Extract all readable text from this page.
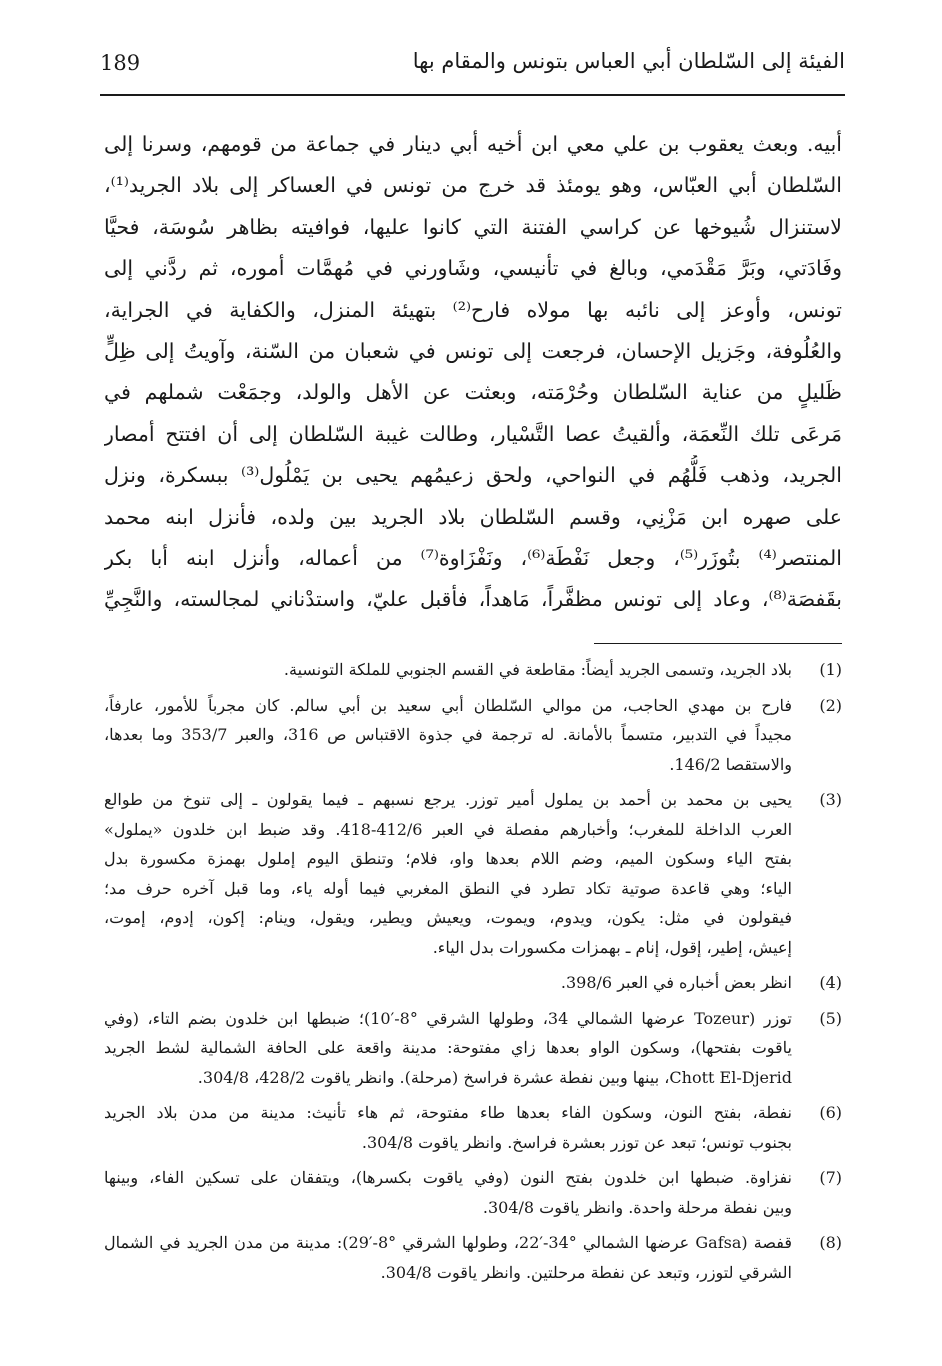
الفيئة إلى السّلطان أبي العباس بتونس والمقام بها
189
أبيه. وبعث يعقوب بن علي معي ابن أخيه أبي دينار في جماعة من قومهم، وسرنا إلى
السّلطان أبي العبّاس، وهو يومئذ قد خرج من تونس في العساكر إلى بلاد الجريد⁽¹⁾،
لاستنزال شُيوخها عن كراسي الفتنة التي كانوا عليها، فوافيته بظاهر سُوسَة، فحيَّا
وفَادَتي، وبَرَّ مَقْدَمي، وبالغ في تأنيسي، وشَاورني في مُهمَّات أموره، ثم ردَّني إلى
تونس، وأوعز إلى نائبه بها مولاه فارح⁽²⁾ بتهيئة المنزل، والكفاية في الجراية،
والعُلُوفة، وجَزيل الإحسان، فرجعت إلى تونس في شعبان من السّنة، وآويتُ إلى ظِلٍّ
ظَليلٍ من عناية السّلطان وحُرْمَته، وبعثت عن الأهل والولد، وجمَعْت شملهم في
مَرعَى تلك النِّعمَة، وألقيتُ عصا التَّسْيار، وطالت غيبة السّلطان إلى أن افتتح أمصار
الجريد، وذهب فَلُّهُم في النواحي، ولحق زعيمُهم يحيى بن يَمْلُول⁽³⁾ ببسكرة، ونزل
على صهره ابن مَزْنِي، وقسم السّلطان بلاد الجريد بين ولده، فأنزل ابنه محمد
المنتصر⁽⁴⁾ بتُوزَر⁽⁵⁾، وجعل نَفْطَة⁽⁶⁾، ونَفْزَاوة⁽⁷⁾ من أعماله، وأنزل ابنه أبا بكر
بقَفصَة⁽⁸⁾، وعاد إلى تونس مظفَّراً، مَاهداً، فأقبل عليّ، واستدْناني لمجالسته، والنَّجِيِّ
(1)
بلاد الجريد، وتسمى الجريد أيضاً: مقاطعة في القسم الجنوبي للملكة التونسية.
(2)
فارح بن مهدي الحاجب، من موالي السّلطان أبي سعيد بن أبي سالم. كان مجرباً للأمور، عارفاً،
مجيداً في التدبير، متسماً بالأمانة. له ترجمة في جذوة الاقتباس ص 316، والعبر 353/7 وما بعدها،
والاستقصا 146/2.
(3)
يحيى بن محمد بن أحمد بن يملول أمير توزر. يرجع نسبهم ـ فيما يقولون ـ إلى تنوخ من طوالع
العرب الداخلة للمغرب؛ وأخبارهم مفصلة في العبر 412/6-418. وقد ضبط ابن خلدون «يملول»
بفتح الياء وسكون الميم، وضم اللام بعدها واو، فلام؛ وتنطق اليوم إملول بهمزة مكسورة بدل
الياء؛ وهي قاعدة صوتية تكاد تطرد في النطق المغربي فيما أوله ياء، وما قبل آخره حرف مد؛
فيقولون في مثل: يكون، ويدوم، ويموت، ويعيش ويطير، ويقول، وينام: إكون، إدوم، إموت،
إعيش، إطير، إقول، إنام ـ بهمزات مكسورات بدل الياء.
(4)
انظر بعض أخباره في العبر 398/6.
(5)
توزر (Tozeur عرضها الشمالي 34، وطولها الشرقي °8-′10)؛ ضبطها ابن خلدون بضم التاء، (وفي
ياقوت بفتحها)، وسكون الواو بعدها زاي مفتوحة: مدينة واقعة على الحافة الشمالية لشط الجريد
Chott El-Djerid، بينها وبين نفطة عشرة فراسخ (مرحلة). وانظر ياقوت 428/2، 304/8.
(6)
نفطة، بفتح النون، وسكون الفاء بعدها طاء مفتوحة، ثم هاء تأنيث: مدينة من مدن بلاد الجريد
بجنوب تونس؛ تبعد عن توزر بعشرة فراسخ. وانظر ياقوت 304/8.
(7)
نفزاوة. ضبطها ابن خلدون بفتح النون (وفي ياقوت بكسرها)، ويتفقان على تسكين الفاء، وبينها
وبين نفطة مرحلة واحدة. وانظر ياقوت 304/8.
(8)
قفصة (Gafsa عرضها الشمالي °34-′22، وطولها الشرقي °8-′29): مدينة من مدن الجريد في الشمال
الشرقي لتوزر، وتبعد عن نفطة مرحلتين. وانظر ياقوت 304/8.
